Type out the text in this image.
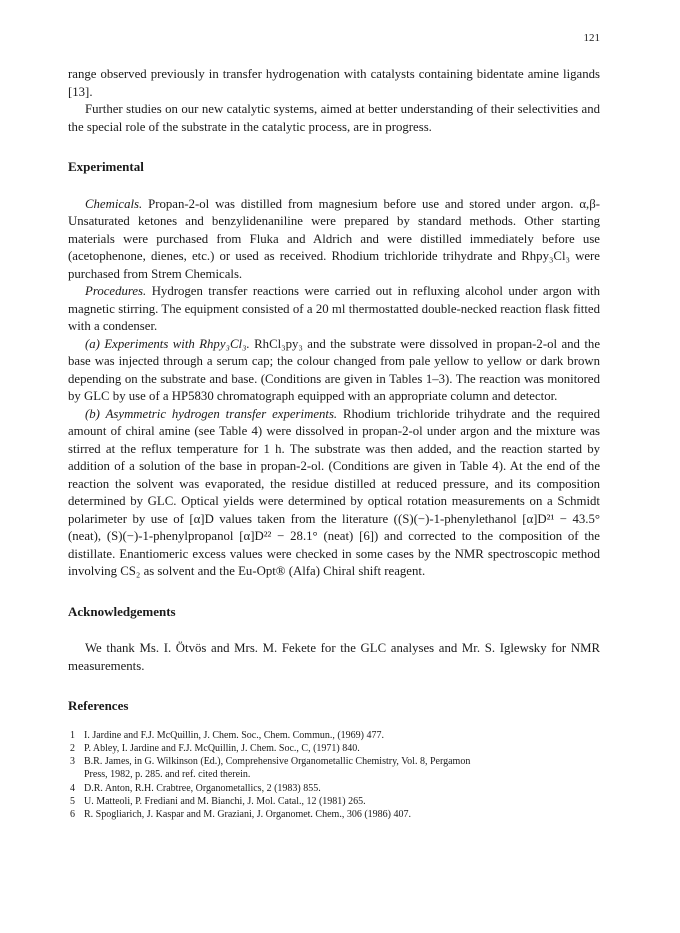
121

range observed previously in transfer hydrogenation with catalysts containing bidentate amine ligands [13].

Further studies on our new catalytic systems, aimed at better understanding of their selectivities and the special role of the substrate in the catalytic process, are in progress.

Experimental

Chemicals. Propan-2-ol was distilled from magnesium before use and stored under argon. α,β-Unsaturated ketones and benzylidenaniline were prepared by standard methods. Other starting materials were purchased from Fluka and Aldrich and were distilled immediately before use (acetophenone, dienes, etc.) or used as received. Rhodium trichloride trihydrate and Rhpy₃Cl₃ were purchased from Strem Chemicals.

Procedures. Hydrogen transfer reactions were carried out in refluxing alcohol under argon with magnetic stirring. The equipment consisted of a 20 ml thermostatted double-necked reaction flask fitted with a condenser.

(a) Experiments with Rhpy₃Cl₃. RhCl₃py₃ and the substrate were dissolved in propan-2-ol and the base was injected through a serum cap; the colour changed from pale yellow to yellow or dark brown depending on the substrate and base. (Conditions are given in Tables 1–3). The reaction was monitored by GLC by use of a HP5830 chromatograph equipped with an appropriate column and detector.

(b) Asymmetric hydrogen transfer experiments. Rhodium trichloride trihydrate and the required amount of chiral amine (see Table 4) were dissolved in propan-2-ol under argon and the mixture was stirred at the reflux temperature for 1 h. The substrate was then added, and the reaction started by addition of a solution of the base in propan-2-ol. (Conditions are given in Table 4). At the end of the reaction the solvent was evaporated, the residue distilled at reduced pressure, and its composition determined by GLC. Optical yields were determined by optical rotation measurements on a Schmidt polarimeter by use of [α]D values taken from the literature ((S)(−)-1-phenylethanol [α]D²¹ − 43.5° (neat), (S)(−)-1-phenylpropanol [α]D²² − 28.1° (neat) [6]) and corrected to the composition of the distillate. Enantiomeric excess values were checked in some cases by the NMR spectroscopic method involving CS₂ as solvent and the Eu-Opt® (Alfa) Chiral shift reagent.

Acknowledgements

We thank Ms. I. Ötvös and Mrs. M. Fekete for the GLC analyses and Mr. S. Iglewsky for NMR measurements.

References
1 I. Jardine and F.J. McQuillin, J. Chem. Soc., Chem. Commun., (1969) 477.
2 P. Abley, I. Jardine and F.J. McQuillin, J. Chem. Soc., C, (1971) 840.
3 B.R. James, in G. Wilkinson (Ed.), Comprehensive Organometallic Chemistry, Vol. 8, Pergamon
Press, 1982, p. 285. and ref. cited therein.
4 D.R. Anton, R.H. Crabtree, Organometallics, 2 (1983) 855.
5 U. Matteoli, P. Frediani and M. Bianchi, J. Mol. Catal., 12 (1981) 265.
6 R. Spogliarich, J. Kaspar and M. Graziani, J. Organomet. Chem., 306 (1986) 407.
